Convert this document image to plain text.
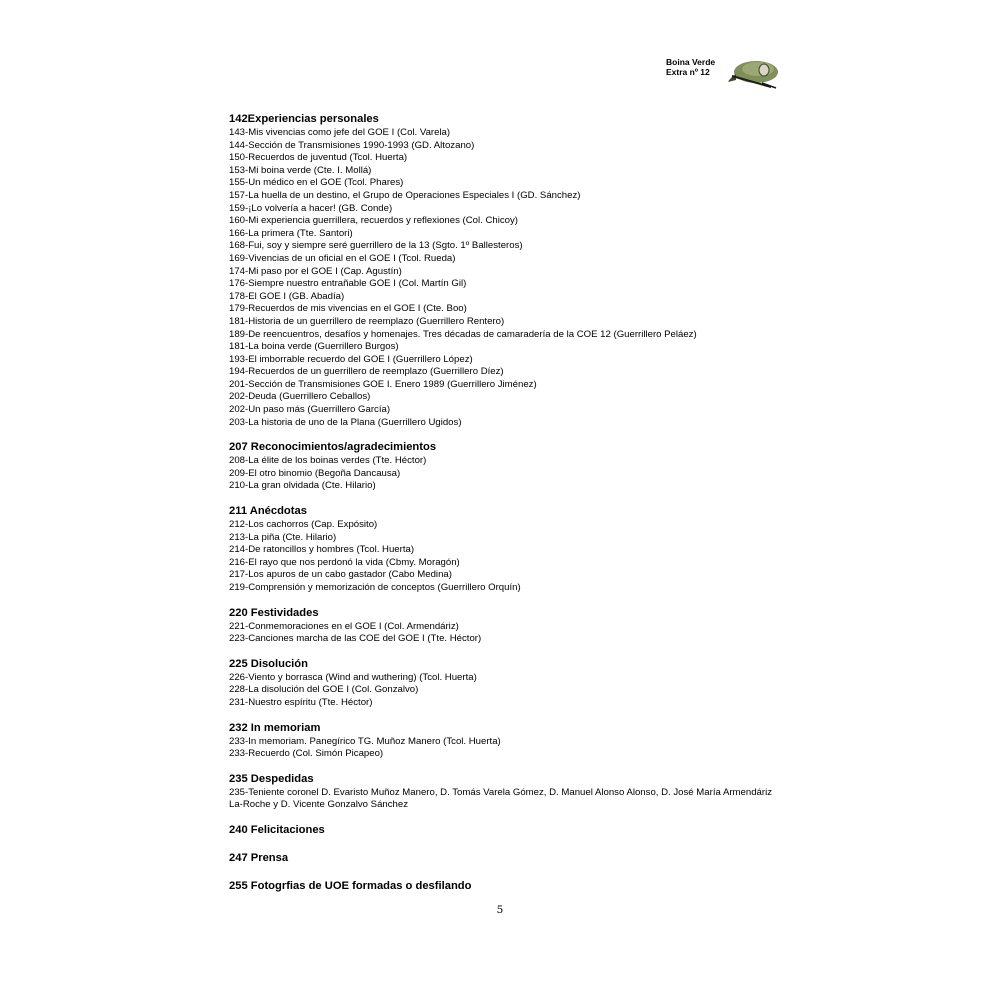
Boina Verde
Extra nº 12
142Experiencias personales
143-Mis vivencias como jefe del GOE I (Col. Varela)
144-Sección de Transmisiones 1990-1993 (GD. Altozano)
150-Recuerdos de juventud (Tcol. Huerta)
153-Mi boina verde (Cte. I. Mollá)
155-Un médico en el GOE (Tcol. Phares)
157-La huella de un destino, el Grupo de Operaciones Especiales I (GD. Sánchez)
159-¡Lo volvería a hacer! (GB. Conde)
160-Mi experiencia guerrillera, recuerdos y reflexiones (Col. Chicoy)
166-La primera (Tte. Santori)
168-Fui, soy y siempre seré guerrillero de la 13 (Sgto. 1º Ballesteros)
169-Vivencias de un oficial en el GOE I (Tcol. Rueda)
174-Mi paso por el GOE I (Cap. Agustín)
176-Siempre nuestro entrañable GOE I (Col. Martín Gil)
178-El GOE I (GB. Abadía)
179-Recuerdos de mis vivencias en el GOE I (Cte. Boo)
181-Historia de un guerrillero de reemplazo (Guerrillero Rentero)
189-De reencuentros, desafíos y homenajes. Tres décadas de camaradería de la COE 12 (Guerrillero Peláez)
181-La boina verde (Guerrillero Burgos)
193-El imborrable recuerdo del GOE I (Guerrillero López)
194-Recuerdos de un guerrillero de reemplazo (Guerrillero Díez)
201-Sección de Transmisiones GOE I. Enero 1989 (Guerrillero Jiménez)
202-Deuda (Guerrillero Ceballos)
202-Un paso más (Guerrillero García)
203-La historia de uno de la Plana (Guerrillero Ugidos)
207 Reconocimientos/agradecimientos
208-La élite de los boinas verdes (Tte. Héctor)
209-El otro binomio (Begoña Dancausa)
210-La gran olvidada (Cte. Hilario)
211 Anécdotas
212-Los cachorros (Cap. Expósito)
213-La piña (Cte. Hilario)
214-De ratoncillos y hombres (Tcol. Huerta)
216-El rayo que nos perdonó la vida (Cbmy. Moragón)
217-Los apuros de un cabo gastador (Cabo Medina)
219-Comprensión y memorización de conceptos (Guerrillero Orquín)
220 Festividades
221-Conmemoraciones en el GOE I (Col. Armendáriz)
223-Canciones marcha de las COE del GOE I (Tte. Héctor)
225 Disolución
226-Viento y borrasca (Wind and wuthering) (Tcol. Huerta)
228-La disolución del GOE I (Col. Gonzalvo)
231-Nuestro espíritu (Tte. Héctor)
232 In memoriam
233-In memoriam. Panegírico TG. Muñoz Manero (Tcol. Huerta)
233-Recuerdo (Col. Simón Picapeo)
235 Despedidas
235-Teniente coronel D. Evaristo Muñoz Manero, D. Tomás Varela Gómez, D. Manuel Alonso Alonso, D. José María Armendáriz La-Roche y D. Vicente Gonzalvo Sánchez
240 Felicitaciones
247 Prensa
255 Fotogrfias de UOE formadas o desfilando
5
